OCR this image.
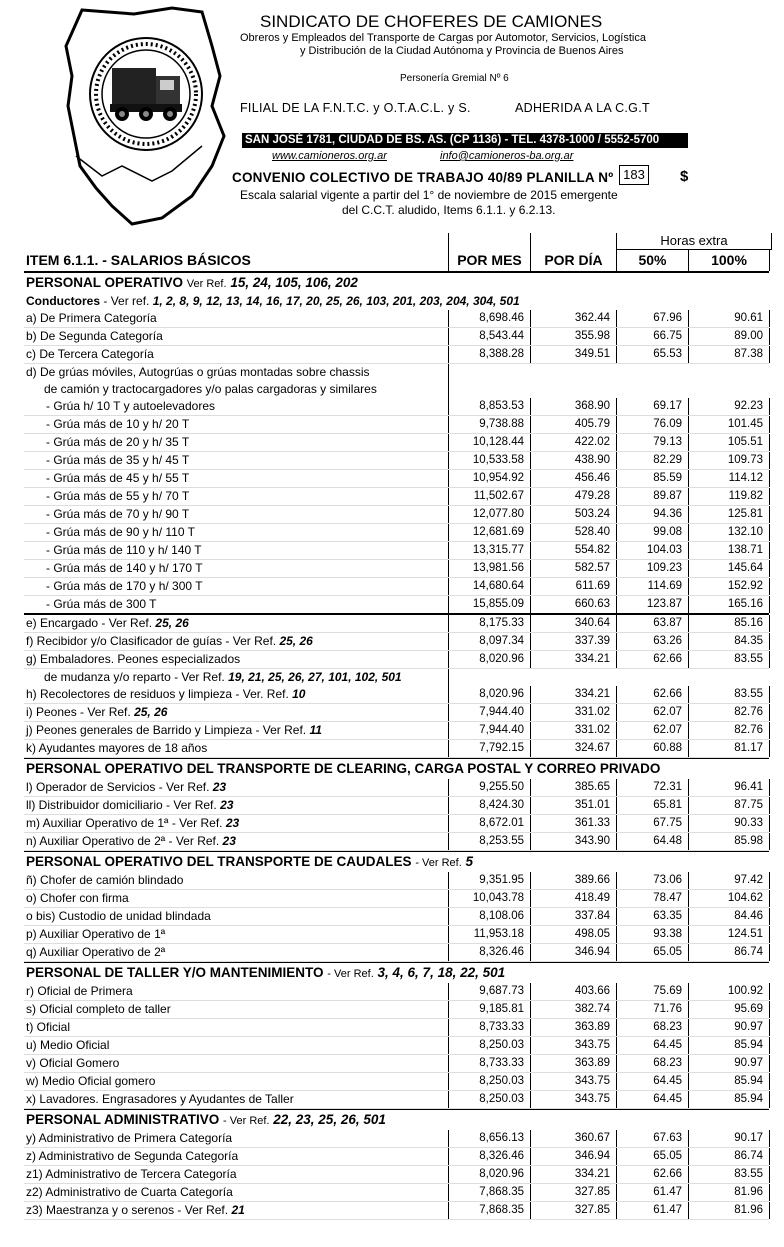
SINDICATO DE CHOFERES DE CAMIONES
Obreros y Empleados del Transporte de Cargas por Automotor, Servicios, Logística
y Distribución de la Ciudad Autónoma y Provincia de Buenos Aires
Personería Gremial Nº 6
FILIAL DE LA F.N.T.C. y O.T.A.C.L. y S.	ADHERIDA A LA C.G.T
SAN JOSÉ 1781, CIUDAD DE BS. AS. (CP 1136) - TEL. 4378-1000 / 5552-5700
www.camioneros.org.ar	info@camioneros-ba.org.ar
CONVENIO COLECTIVO DE TRABAJO 40/89 PLANILLA Nº 183 $
Escala salarial vigente a partir del 1° de noviembre de 2015 emergente
del C.C.T. aludido, Items 6.1.1. y 6.2.13.
Horas extra
ITEM 6.1.1. - SALARIOS BÁSICOS	POR MES	POR DÍA	50%	100%
PERSONAL OPERATIVO Ver Ref. 15, 24, 105, 106, 202
Conductores - Ver ref. 1, 2, 8, 9, 12, 13, 14, 16, 17, 20, 25, 26, 103, 201, 203, 204, 304, 501
a) De Primera Categoría	8,698.46	362.44	67.96	90.61
b) De Segunda Categoría	8,543.44	355.98	66.75	89.00
c) De Tercera Categoría	8,388.28	349.51	65.53	87.38
d) De grúas móviles, Autogrúas o grúas montadas sobre chassis
de camión y tractocargadores y/o palas cargadoras y similares
- Grúa h/ 10 T y autoelevadores	8,853.53	368.90	69.17	92.23
- Grúa más de 10 y h/ 20 T	9,738.88	405.79	76.09	101.45
- Grúa más de 20 y h/ 35 T	10,128.44	422.02	79.13	105.51
- Grúa más de 35 y h/ 45 T	10,533.58	438.90	82.29	109.73
- Grúa más de 45 y h/ 55 T	10,954.92	456.46	85.59	114.12
- Grúa más de 55 y h/ 70 T	11,502.67	479.28	89.87	119.82
- Grúa más de 70 y h/ 90 T	12,077.80	503.24	94.36	125.81
- Grúa más de 90 y h/ 110 T	12,681.69	528.40	99.08	132.10
- Grúa más de 110 y h/ 140 T	13,315.77	554.82	104.03	138.71
- Grúa más de 140 y h/ 170 T	13,981.56	582.57	109.23	145.64
- Grúa más de 170 y h/ 300 T	14,680.64	611.69	114.69	152.92
- Grúa más de 300 T	15,855.09	660.63	123.87	165.16
e) Encargado - Ver Ref. 25, 26	8,175.33	340.64	63.87	85.16
f) Recibidor y/o Clasificador de guías - Ver Ref. 25, 26	8,097.34	337.39	63.26	84.35
g) Embaladores. Peones especializados	8,020.96	334.21	62.66	83.55
de mudanza y/o reparto - Ver Ref. 19, 21, 25, 26, 27, 101, 102, 501
h) Recolectores de residuos y limpieza - Ver. Ref. 10	8,020.96	334.21	62.66	83.55
i) Peones - Ver Ref. 25, 26	7,944.40	331.02	62.07	82.76
j) Peones generales de Barrido y Limpieza - Ver Ref. 11	7,944.40	331.02	62.07	82.76
k) Ayudantes mayores de 18 años	7,792.15	324.67	60.88	81.17
PERSONAL OPERATIVO DEL TRANSPORTE DE CLEARING, CARGA POSTAL Y CORREO PRIVADO
l) Operador de Servicios - Ver Ref. 23	9,255.50	385.65	72.31	96.41
ll) Distribuidor domiciliario - Ver Ref. 23	8,424.30	351.01	65.81	87.75
m) Auxiliar Operativo de 1ª - Ver Ref. 23	8,672.01	361.33	67.75	90.33
n) Auxiliar Operativo de 2ª - Ver Ref. 23	8,253.55	343.90	64.48	85.98
PERSONAL OPERATIVO DEL TRANSPORTE DE CAUDALES - Ver Ref. 5
ñ) Chofer de camión blindado	9,351.95	389.66	73.06	97.42
o) Chofer con firma	10,043.78	418.49	78.47	104.62
o bis) Custodio de unidad blindada	8,108.06	337.84	63.35	84.46
p) Auxiliar Operativo de 1ª	11,953.18	498.05	93.38	124.51
q) Auxiliar Operativo de 2ª	8,326.46	346.94	65.05	86.74
PERSONAL DE TALLER Y/O MANTENIMIENTO - Ver Ref. 3, 4, 6, 7, 18, 22, 501
r) Oficial de Primera	9,687.73	403.66	75.69	100.92
s) Oficial completo de taller	9,185.81	382.74	71.76	95.69
t) Oficial	8,733.33	363.89	68.23	90.97
u) Medio Oficial	8,250.03	343.75	64.45	85.94
v) Oficial Gomero	8,733.33	363.89	68.23	90.97
w) Medio Oficial gomero	8,250.03	343.75	64.45	85.94
x) Lavadores. Engrasadores y Ayudantes de Taller	8,250.03	343.75	64.45	85.94
PERSONAL ADMINISTRATIVO - Ver Ref. 22, 23, 25, 26, 501
y) Administrativo de Primera Categoría	8,656.13	360.67	67.63	90.17
z) Administrativo de Segunda Categoría	8,326.46	346.94	65.05	86.74
z1) Administrativo de Tercera Categoría	8,020.96	334.21	62.66	83.55
z2) Administrativo de Cuarta Categoría	7,868.35	327.85	61.47	81.96
z3) Maestranza y o serenos - Ver Ref. 21	7,868.35	327.85	61.47	81.96
